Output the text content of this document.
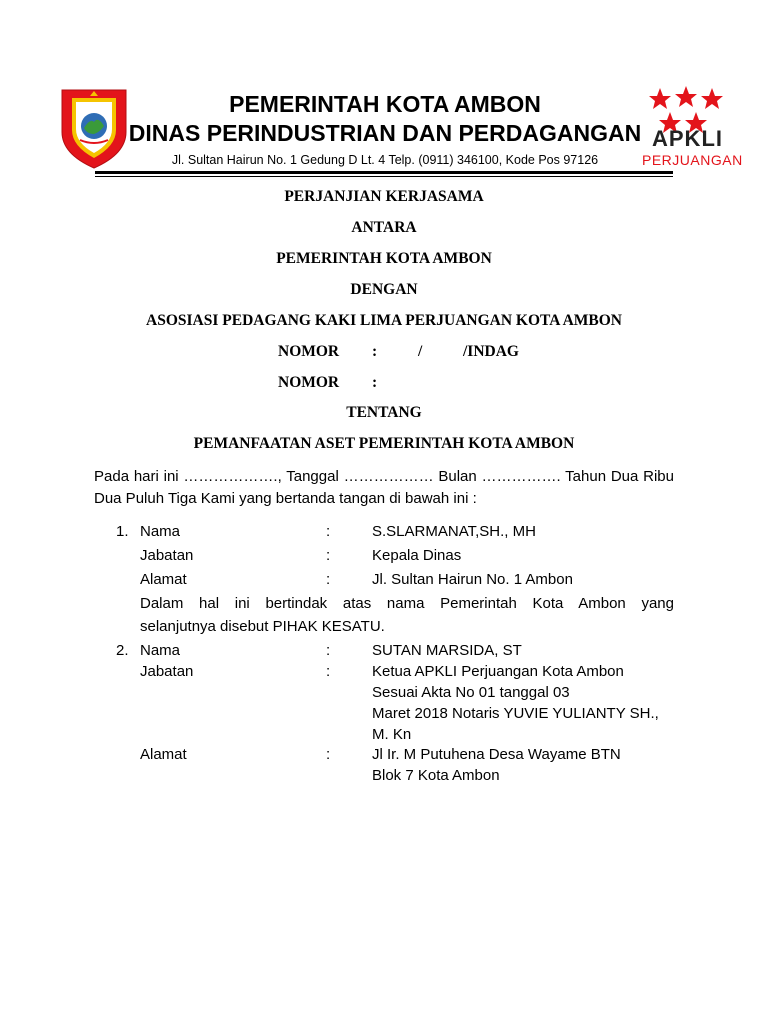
APKLI
PERJUANGAN
PEMERINTAH KOTA AMBON
DINAS PERINDUSTRIAN DAN PERDAGANGAN
Jl. Sultan Hairun No. 1 Gedung D Lt. 4 Telp. (0911) 346100, Kode Pos 97126
PERJANJIAN KERJASAMA
ANTARA
PEMERINTAH KOTA AMBON
DENGAN
ASOSIASI PEDAGANG KAKI LIMA PERJUANGAN KOTA AMBON
NOMOR :	/	/INDAG
NOMOR :
TENTANG
PEMANFAATAN ASET PEMERINTAH KOTA AMBON
Pada hari ini ………………., Tanggal ……………… Bulan ……………. Tahun Dua Ribu
Dua Puluh Tiga Kami yang bertanda tangan di bawah ini :
1. Nama	:	S.SLARMANAT,SH., MH
Jabatan	:	Kepala Dinas
Alamat	:	Jl. Sultan Hairun No. 1 Ambon
Dalam hal ini bertindak atas nama Pemerintah Kota Ambon yang
selanjutnya disebut PIHAK KESATU.
2. Nama	:	SUTAN MARSIDA, ST
Jabatan	:	Ketua APKLI Perjuangan Kota Ambon
Sesuai Akta No 01 tanggal 03
Maret 2018 Notaris YUVIE YULIANTY SH.,
M. Kn
Alamat	:	Jl Ir. M Putuhena Desa Wayame BTN
Blok 7 Kota Ambon
